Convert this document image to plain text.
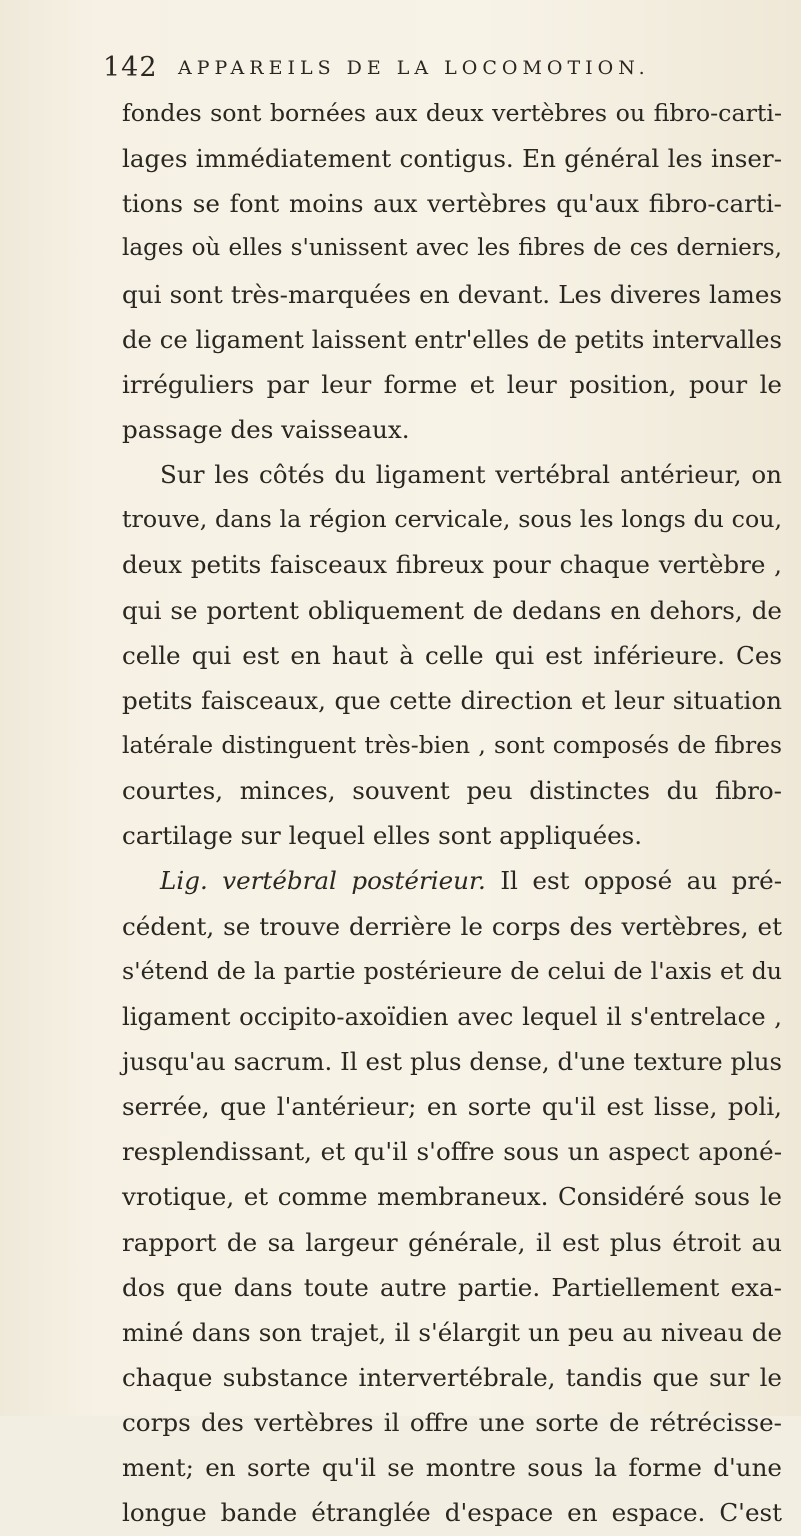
142 APPAREILS DE LA LOCOMOTION.
fondes sont bornées aux deux vertèbres ou fibro-carti-
lages immédiatement contigus. En général les inser-
tions se font moins aux vertèbres qu'aux fibro-carti-
lages où elles s'unissent avec les fibres de ces derniers,
qui sont très-marquées en devant. Les diveres lames
de ce ligament laissent entr'elles de petits intervalles
irréguliers par leur forme et leur position, pour le
passage des vaisseaux.
Sur les côtés du ligament vertébral antérieur, on
trouve, dans la région cervicale, sous les longs du cou,
deux petits faisceaux fibreux pour chaque vertèbre ,
qui se portent obliquement de dedans en dehors, de
celle qui est en haut à celle qui est inférieure. Ces
petits faisceaux, que cette direction et leur situation
latérale distinguent très-bien , sont composés de fibres
courtes, minces, souvent peu distinctes du fibro-
cartilage sur lequel elles sont appliquées.
Lig. vertébral postérieur. Il est opposé au pré-
cédent, se trouve derrière le corps des vertèbres, et
s'étend de la partie postérieure de celui de l'axis et du
ligament occipito-axoïdien avec lequel il s'entrelace ,
jusqu'au sacrum. Il est plus dense, d'une texture plus
serrée, que l'antérieur; en sorte qu'il est lisse, poli,
resplendissant, et qu'il s'offre sous un aspect aponé-
vrotique, et comme membraneux. Considéré sous le
rapport de sa largeur générale, il est plus étroit au
dos que dans toute autre partie. Partiellement exa-
miné dans son trajet, il s'élargit un peu au niveau de
chaque substance intervertébrale, tandis que sur le
corps des vertèbres il offre une sorte de rétrécisse-
ment; en sorte qu'il se montre sous la forme d'une
longue bande étranglée d'espace en espace. C'est
